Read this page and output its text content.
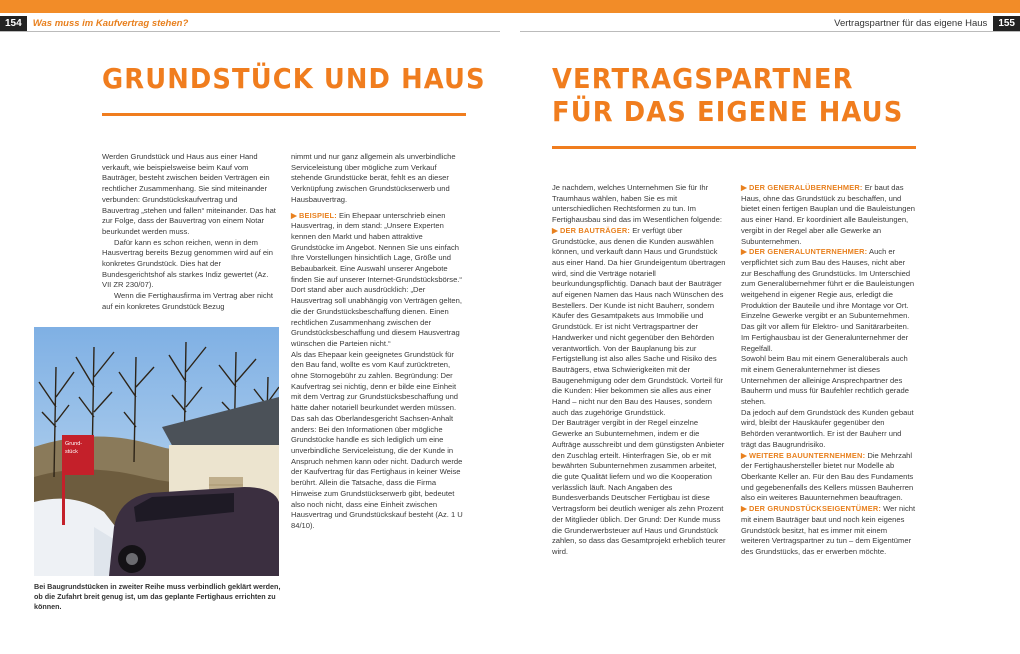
154	Was muss im Kaufvertrag stehen?	Vertragspartner für das eigene Haus	155
GRUNDSTÜCK UND HAUS VERTRAGSPARTNER
FÜR DAS EIGENE HAUS

Werden Grundstück und Haus aus einer Hand verkauft, wie beispielsweise beim Kauf vom Bauträger, besteht zwischen beiden Verträgen ein rechtlicher Zusammenhang. Sie sind miteinander verbunden: Grundstückskaufvertrag und Bauvertrag „stehen und fallen“ miteinander. Das hat zur Folge, dass der Bauvertrag von einem Notar beurkundet werden muss.

Dafür kann es schon reichen, wenn in dem Hausvertrag bereits Bezug genommen wird auf ein konkretes Grundstück. Dies hat der Bundesgerichtshof als starkes Indiz gewertet (Az. VII ZR 230/07).

Wenn die Fertighausfirma im Vertrag aber nicht auf ein konkretes Grundstück Bezug

Grund-
stück
Bei Baugrundstücken in zweiter Reihe muss verbindlich geklärt werden, ob die Zufahrt breit genug ist, um das geplante Fertighaus errichten zu können.

nimmt und nur ganz allgemein als unverbindliche Serviceleistung über mögliche zum Verkauf stehende Grundstücke berät, fehlt es an dieser Verknüpfung zwischen Grundstückserwerb und Hausbauvertrag.

▶ BEISPIEL: Ein Ehepaar unterschrieb einen Hausvertrag, in dem stand: „Unsere Experten kennen den Markt und haben attraktive Grundstücke im Angebot. Nennen Sie uns einfach Ihre Vorstellungen hinsichtlich Lage, Größe und Bebaubarkeit. Eine Auswahl unserer Angebote finden Sie auf unserer Internet-Grundstücksbörse.“

Dort stand aber auch ausdrücklich: „Der Hausvertrag soll unabhängig von Verträgen gelten, die der Grundstücksbeschaffung dienen. Einen rechtlichen Zusammenhang zwischen der Grundstücksbeschaffung und diesem Hausvertrag wünschen die Parteien nicht.“

Als das Ehepaar kein geeignetes Grundstück für den Bau fand, wollte es vom Kauf zurücktreten, ohne Stornogebühr zu zahlen. Begründung: Der Kaufvertrag sei nichtig, denn er bilde eine Einheit mit dem Vertrag zur Grundstücksbeschaffung und hätte daher notariell beurkundet werden müssen. Das sah das Oberlandesgericht Sachsen-Anhalt anders: Bei den Informationen über mögliche Grundstücke handle es sich lediglich um eine unverbindliche Serviceleistung, die der Kunde in Anspruch nehmen kann oder nicht. Dadurch werde der Kaufvertrag für das Fertighaus in keiner Weise berührt. Allein die Tatsache, dass die Firma Hinweise zum Grundstückserwerb gibt, bedeutet also noch nicht, dass eine Einheit zwischen Hausvertrag und Grundstückskauf besteht (Az. 1 U 84/10).

Je nachdem, welches Unternehmen Sie für Ihr Traumhaus wählen, haben Sie es mit unterschiedlichen Rechtsformen zu tun. Im Fertighausbau sind das im Wesentlichen folgende:

▶ DER BAUTRÄGER: Er verfügt über Grundstücke, aus denen die Kunden auswählen können, und verkauft dann Haus und Grundstück aus einer Hand. Da hier Grundeigentum übertragen wird, sind die Verträge notariell beurkundungspflichtig. Danach baut der Bauträger auf eigenen Namen das Haus nach Wünschen des Bestellers. Der Kunde ist nicht Bauherr, sondern Käufer des Gesamtpakets aus Immobilie und Grundstück. Er ist nicht Vertragspartner der Handwerker und nicht gegenüber den Behörden verantwortlich. Von der Bauplanung bis zur Fertigstellung ist also alles Sache und Risiko des Bauträgers, etwa Schwierigkeiten mit der Baugenehmigung oder dem Grundstück. Vorteil für die Kunden: Hier bekommen sie alles aus einer Hand – nicht nur den Bau des Hauses, sondern auch das zugehörige Grundstück.

Der Bauträger vergibt in der Regel einzelne Gewerke an Subunternehmen, indem er die Aufträge ausschreibt und dem günstigsten Anbieter den Zuschlag erteilt. Hinterfragen Sie, ob er mit bewährten Subunternehmen zusammen arbeitet, die gute Qualität liefern und wo die Kooperation verlässlich läuft. Nach Angaben des Bundesverbands Deutscher Fertigbau ist diese Vertragsform bei deutlich weniger als zehn Prozent der Mitglieder üblich. Der Grund: Der Kunde muss die Grunderwerbsteuer auf Haus und Grundstück zahlen, so dass das Gesamtprojekt erheblich teurer wird.

▶ DER GENERALÜBERNEHMER: Er baut das Haus, ohne das Grundstück zu beschaffen, und bietet einen fertigen Bauplan und die Bauleistungen aus einer Hand. Er koordiniert alle Bauleistungen, vergibt in der Regel aber alle Gewerke an Subunternehmen.

▶ DER GENERALUNTERNEHMER: Auch er verpflichtet sich zum Bau des Hauses, nicht aber zur Beschaffung des Grundstücks. Im Unterschied zum Generalübernehmer führt er die Bauleistungen weitgehend in eigener Regie aus, erledigt die Produktion der Bauteile und ihre Montage vor Ort. Einzelne Gewerke vergibt er an Subunternehmen. Das gilt vor allem für Elektro- und Sanitärarbeiten. Im Fertighausbau ist der Generalunternehmer der Regelfall.

Sowohl beim Bau mit einem Generalüberals auch mit einem Generalunternehmer ist dieses Unternehmen der alleinige Ansprechpartner des Bauherrn und muss für Baufehler rechtlich gerade stehen.

Da jedoch auf dem Grundstück des Kunden gebaut wird, bleibt der Hauskäufer gegenüber den Behörden verantwortlich. Er ist der Bauherr und trägt das Baugrundrisiko.

▶ WEITERE BAUUNTERNEHMEN: Die Mehrzahl der Fertighaushersteller bietet nur Modelle ab Oberkante Keller an. Für den Bau des Fundaments und gegebenenfalls des Kellers müssen Bauherren also ein weiteres Bauunternehmen beauftragen.

▶ DER GRUNDSTÜCKSEIGENTÜMER: Wer nicht mit einem Bauträger baut und noch kein eigenes Grundstück besitzt, hat es immer mit einem weiteren Vertragspartner zu tun – dem Eigentümer des Grundstücks, das er erwerben möchte.
